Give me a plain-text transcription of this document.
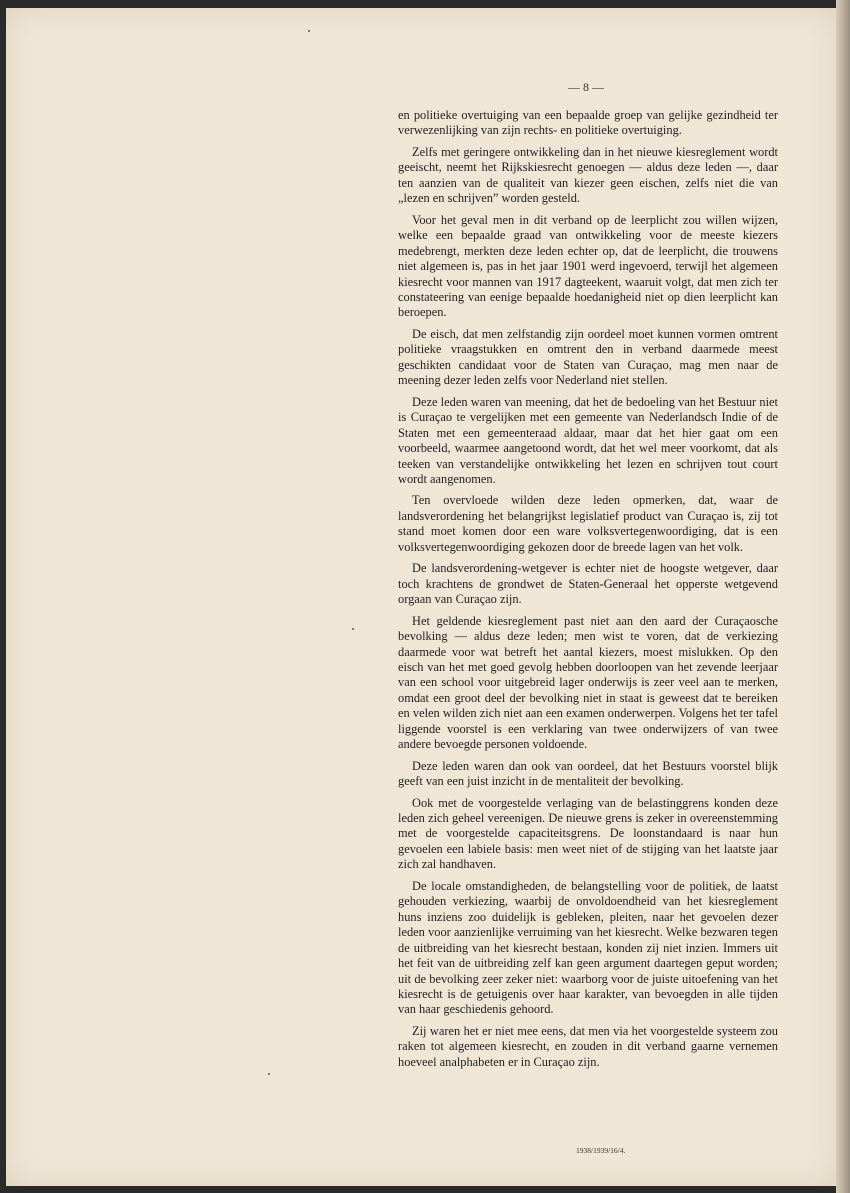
— 8 —

en politieke overtuiging van een bepaalde groep van gelijke gezindheid ter verwezenlijking van zijn rechts- en politieke overtuiging.

Zelfs met geringere ontwikkeling dan in het nieuwe kiesreglement wordt geeischt, neemt het Rijkskiesrecht genoegen — aldus deze leden —, daar ten aanzien van de qualiteit van kiezer geen eischen, zelfs niet die van „lezen en schrijven” worden gesteld.

Voor het geval men in dit verband op de leerplicht zou willen wijzen, welke een bepaalde graad van ontwikkeling voor de meeste kiezers medebrengt, merkten deze leden echter op, dat de leerplicht, die trouwens niet algemeen is, pas in het jaar 1901 werd ingevoerd, terwijl het algemeen kiesrecht voor mannen van 1917 dagteekent, waaruit volgt, dat men zich ter constateering van eenige bepaalde hoedanigheid niet op dien leerplicht kan beroepen.

De eisch, dat men zelfstandig zijn oordeel moet kunnen vormen omtrent politieke vraagstukken en omtrent den in verband daarmede meest geschikten candidaat voor de Staten van Curaçao, mag men naar de meening dezer leden zelfs voor Nederland niet stellen.

Deze leden waren van meening, dat het de bedoeling van het Bestuur niet is Curaçao te vergelijken met een gemeente van Nederlandsch Indie of de Staten met een gemeenteraad aldaar, maar dat het hier gaat om een voorbeeld, waarmee aangetoond wordt, dat het wel meer voorkomt, dat als teeken van verstandelijke ontwikkeling het lezen en schrijven tout court wordt aangenomen.

Ten overvloede wilden deze leden opmerken, dat, waar de landsverordening het belangrijkst legislatief product van Curaçao is, zij tot stand moet komen door een ware volksvertegenwoordiging, dat is een volksvertegenwoordiging gekozen door de breede lagen van het volk.

De landsverordening-wetgever is echter niet de hoogste wetgever, daar toch krachtens de grondwet de Staten-Generaal het opperste wetgevend orgaan van Curaçao zijn.

Het geldende kiesreglement past niet aan den aard der Curaçaosche bevolking — aldus deze leden; men wist te voren, dat de verkiezing daarmede voor wat betreft het aantal kiezers, moest mislukken. Op den eisch van het met goed gevolg hebben doorloopen van het zevende leerjaar van een school voor uitgebreid lager onderwijs is zeer veel aan te merken, omdat een groot deel der bevolking niet in staat is geweest dat te bereiken en velen wilden zich niet aan een examen onderwerpen. Volgens het ter tafel liggende voorstel is een verklaring van twee onderwijzers of van twee andere bevoegde personen voldoende.

Deze leden waren dan ook van oordeel, dat het Bestuurs voorstel blijk geeft van een juist inzicht in de mentaliteit der bevolking.

Ook met de voorgestelde verlaging van de belastinggrens konden deze leden zich geheel vereenigen. De nieuwe grens is zeker in overeenstemming met de voorgestelde capaciteitsgrens. De loonstandaard is naar hun gevoelen een labiele basis: men weet niet of de stijging van het laatste jaar zich zal handhaven.

De locale omstandigheden, de belangstelling voor de politiek, de laatst gehouden verkiezing, waarbij de onvoldoendheid van het kiesreglement huns inziens zoo duidelijk is gebleken, pleiten, naar het gevoelen dezer leden voor aanzienlijke verruiming van het kiesrecht. Welke bezwaren tegen de uitbreiding van het kiesrecht bestaan, konden zij niet inzien. Immers uit het feit van de uitbreiding zelf kan geen argument daartegen geput worden; uit de bevolking zeer zeker niet: waarborg voor de juiste uitoefening van het kiesrecht is de getuigenis over haar karakter, van bevoegden in alle tijden van haar geschiedenis gehoord.

Zij waren het er niet mee eens, dat men via het voorgestelde systeem zou raken tot algemeen kiesrecht, en zouden in dit verband gaarne vernemen hoeveel analphabeten er in Curaçao zijn.

1938/1939/16/4.
